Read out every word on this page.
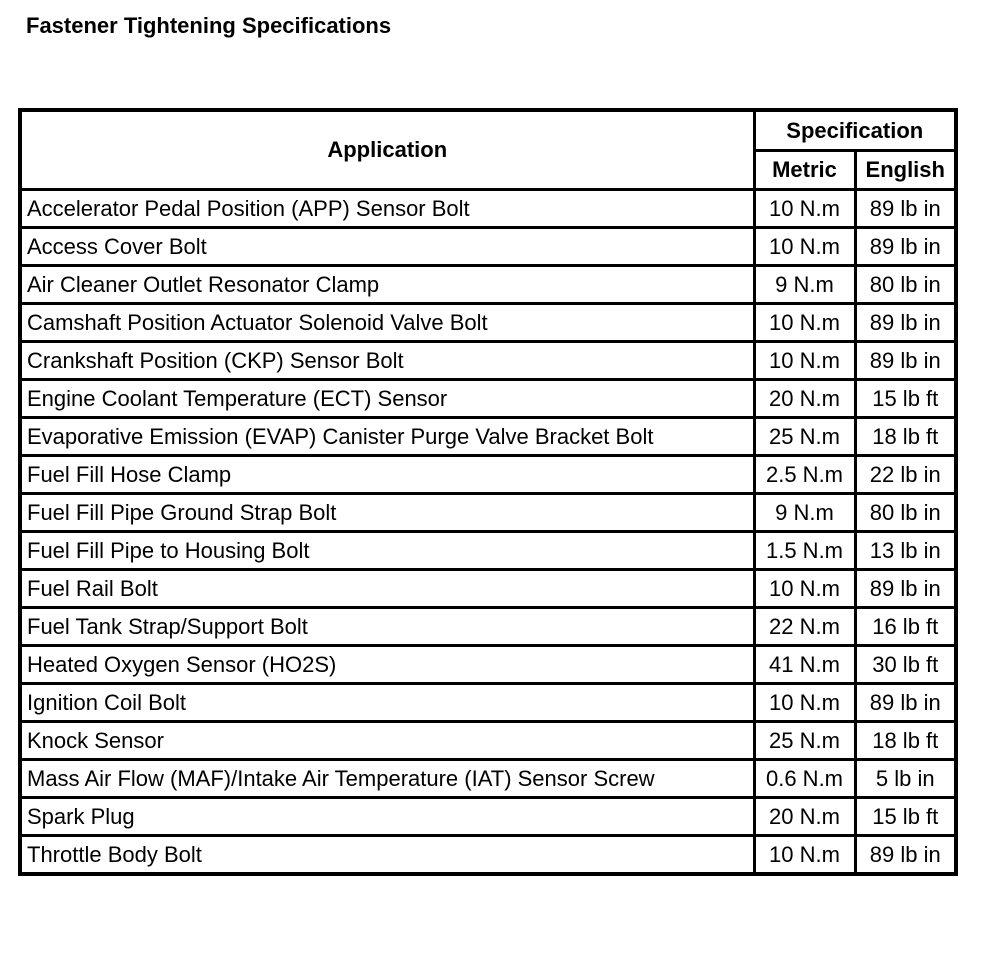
Fastener Tightening Specifications
Application	Specification	
	Metric	English
Accelerator Pedal Position (APP) Sensor Bolt	10 N.m	89 lb in
Access Cover Bolt	10 N.m	89 lb in
Air Cleaner Outlet Resonator Clamp	9 N.m	80 lb in
Camshaft Position Actuator Solenoid Valve Bolt	10 N.m	89 lb in
Crankshaft Position (CKP) Sensor Bolt	10 N.m	89 lb in
Engine Coolant Temperature (ECT) Sensor	20 N.m	15 lb ft
Evaporative Emission (EVAP) Canister Purge Valve Bracket Bolt	25 N.m	18 lb ft
Fuel Fill Hose Clamp	2.5 N.m	22 lb in
Fuel Fill Pipe Ground Strap Bolt	9 N.m	80 lb in
Fuel Fill Pipe to Housing Bolt	1.5 N.m	13 lb in
Fuel Rail Bolt	10 N.m	89 lb in
Fuel Tank Strap/Support Bolt	22 N.m	16 lb ft
Heated Oxygen Sensor (HO2S)	41 N.m	30 lb ft
Ignition Coil Bolt	10 N.m	89 lb in
Knock Sensor	25 N.m	18 lb ft
Mass Air Flow (MAF)/Intake Air Temperature (IAT) Sensor Screw	0.6 N.m	5 lb in
Spark Plug	20 N.m	15 lb ft
Throttle Body Bolt	10 N.m	89 lb in
